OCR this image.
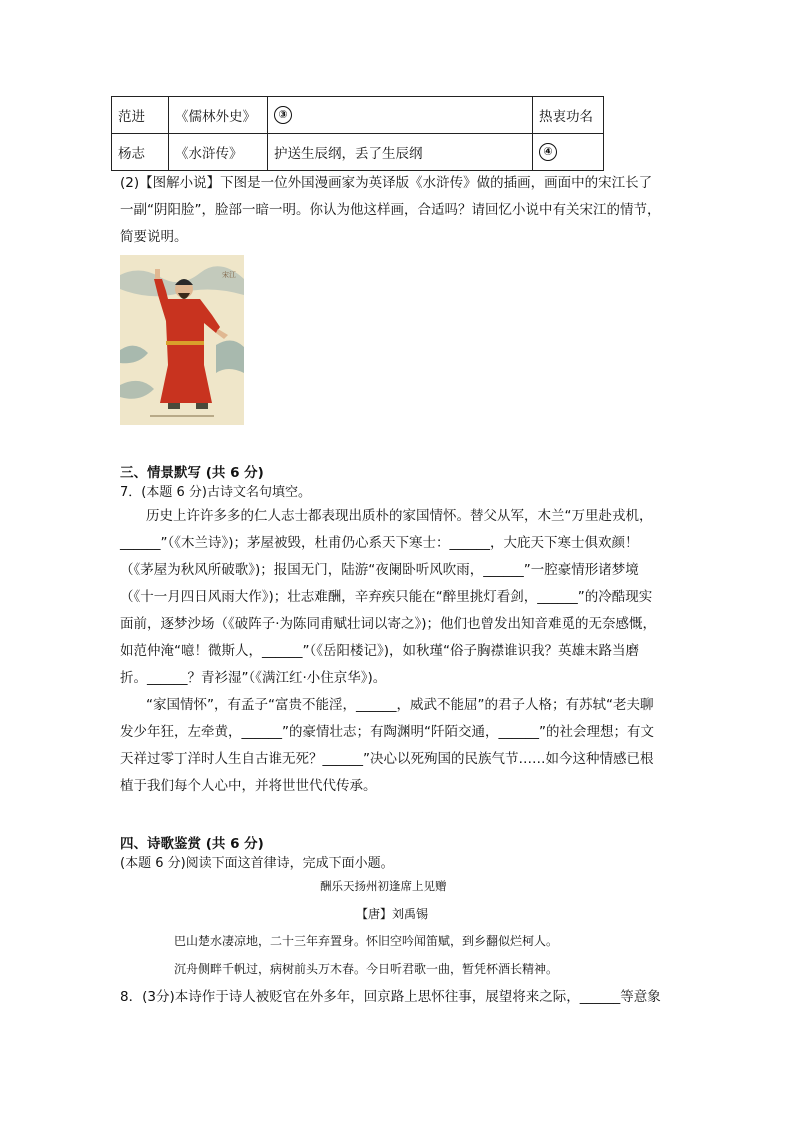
范进	《儒林外史》	③	热衷功名
杨志	《水浒传》	护送生辰纲，丢了生辰纲	④
(2)【图解小说】下图是一位外国漫画家为英译版《水浒传》做的插画，画面中的宋江长了
一副“阴阳脸”，脸部一暗一明。你认为他这样画，合适吗？请回忆小说中有关宋江的情节，
简要说明。
宋江
三、情景默写 (共 6 分)
7．(本题 6 分)古诗文名句填空。
历史上许许多多的仁人志士都表现出质朴的家国情怀。替父从军，木兰“万里赴戎机，
______”（《木兰诗》)；茅屋被毁，杜甫仍心系天下寒士：______，大庇天下寒士俱欢颜！
（《茅屋为秋风所破歌》)；报国无门，陆游“夜阑卧听风吹雨，______”一腔豪情形诸梦境
（《十一月四日风雨大作》)；壮志难酬，辛弃疾只能在“醉里挑灯看剑，______”的冷酷现实
面前，逐梦沙场（《破阵子·为陈同甫赋壮词以寄之》)；他们也曾发出知音难觅的无奈感慨，
如范仲淹“噫！微斯人，______”（《岳阳楼记》)，如秋瑾“俗子胸襟谁识我？英雄末路当磨
折。______？青衫湿”（《满江红·小住京华》)。
“家国情怀”，有孟子“富贵不能淫，______，威武不能屈”的君子人格；有苏轼“老夫聊
发少年狂，左牵黄，______”的豪情壮志；有陶渊明“阡陌交通，______”的社会理想；有文
天祥过零丁洋时人生自古谁无死？______”决心以死殉国的民族气节……如今这种情感已根
植于我们每个人心中，并将世世代代传承。
四、诗歌鉴赏 (共 6 分)
(本题 6 分)阅读下面这首律诗，完成下面小题。
酬乐天扬州初逢席上见赠
【唐】刘禹锡
巴山楚水凄凉地，二十三年弃置身。怀旧空吟闻笛赋，到乡翻似烂柯人。
沉舟侧畔千帆过，病树前头万木春。今日听君歌一曲，暂凭杯酒长精神。
8．(3分)本诗作于诗人被贬官在外多年，回京路上思怀往事，展望将来之际，______等意象
